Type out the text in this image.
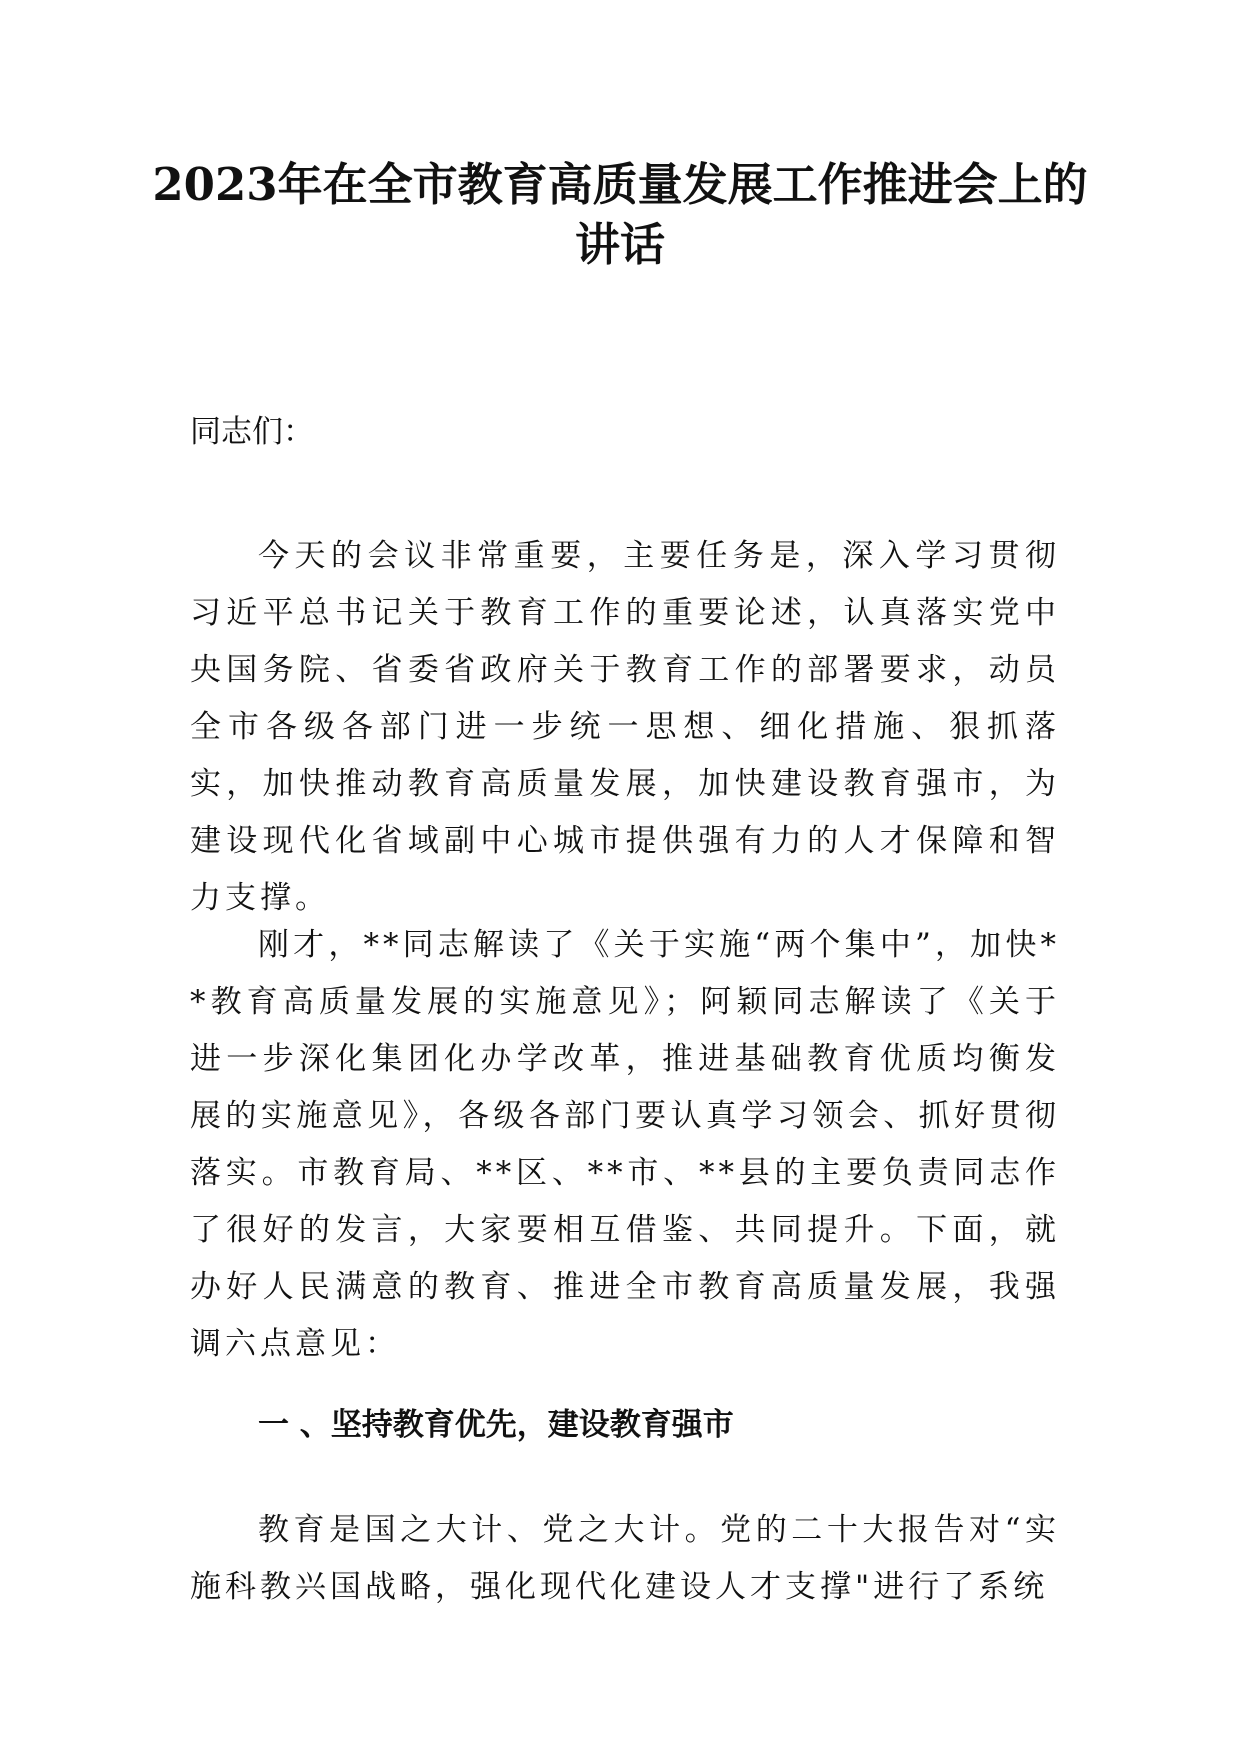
2023年在全市教育高质量发展工作推进会上的讲话

同志们：

今天的会议非常重要，主要任务是，深入学习贯彻习近平总书记关于教育工作的重要论述，认真落实党中央国务院、省委省政府关于教育工作的部署要求，动员全市各级各部门进一步统一思想、细化措施、狠抓落实，加快推动教育高质量发展，加快建设教育强市，为建设现代化省域副中心城市提供强有力的人才保障和智力支撑。

刚才，**同志解读了《关于实施“两个集中”，加快**教育高质量发展的实施意见》；阿颖同志解读了《关于进一步深化集团化办学改革，推进基础教育优质均衡发展的实施意见》，各级各部门要认真学习领会、抓好贯彻落实。市教育局、**区、**市、**县的主要负责同志作了很好的发言，大家要相互借鉴、共同提升。下面，就办好人民满意的教育、推进全市教育高质量发展，我强调六点意见：

一 、坚持教育优先，建设教育强市

教育是国之大计、党之大计。党的二十大报告对“实施科教兴国战略，强化现代化建设人才支撑"进行了系统
